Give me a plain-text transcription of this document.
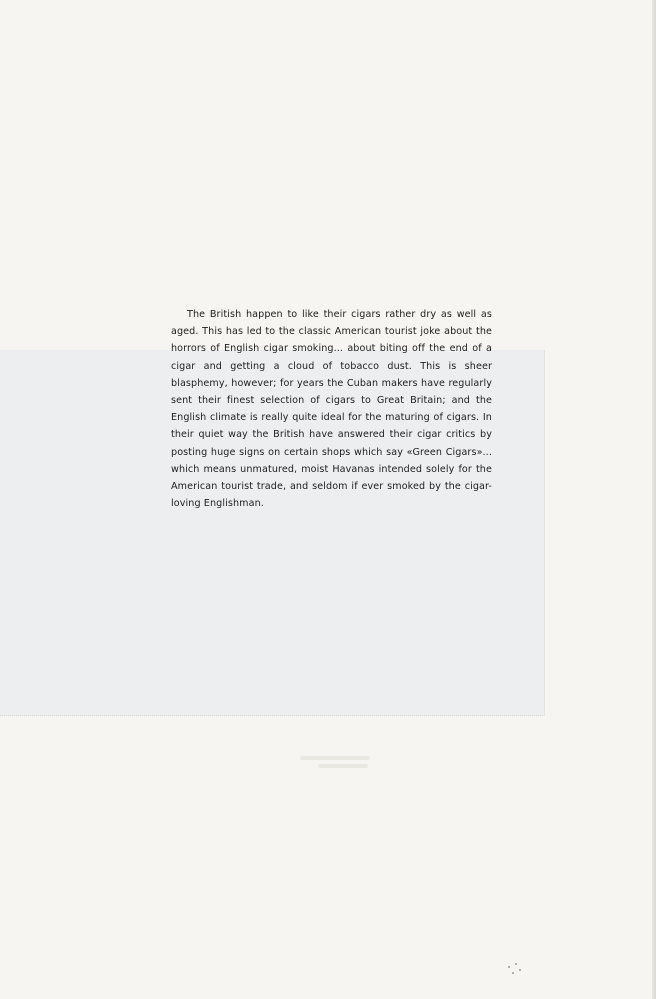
The British happen to like their cigars rather dry as well as aged. This has led to the classic American tourist joke about the horrors of English cigar smoking... about biting off the end of a cigar and getting a cloud of tobacco dust. This is sheer blasphemy, however; for years the Cuban makers have regularly sent their finest selection of cigars to Great Britain; and the English climate is really quite ideal for the maturing of cigars. In their quiet way the British have answered their cigar critics by posting huge signs on certain shops which say «Green Cigars»... which means unmatured, moist Havanas intended solely for the American tourist trade, and seldom if ever smoked by the cigar-loving Englishman.
